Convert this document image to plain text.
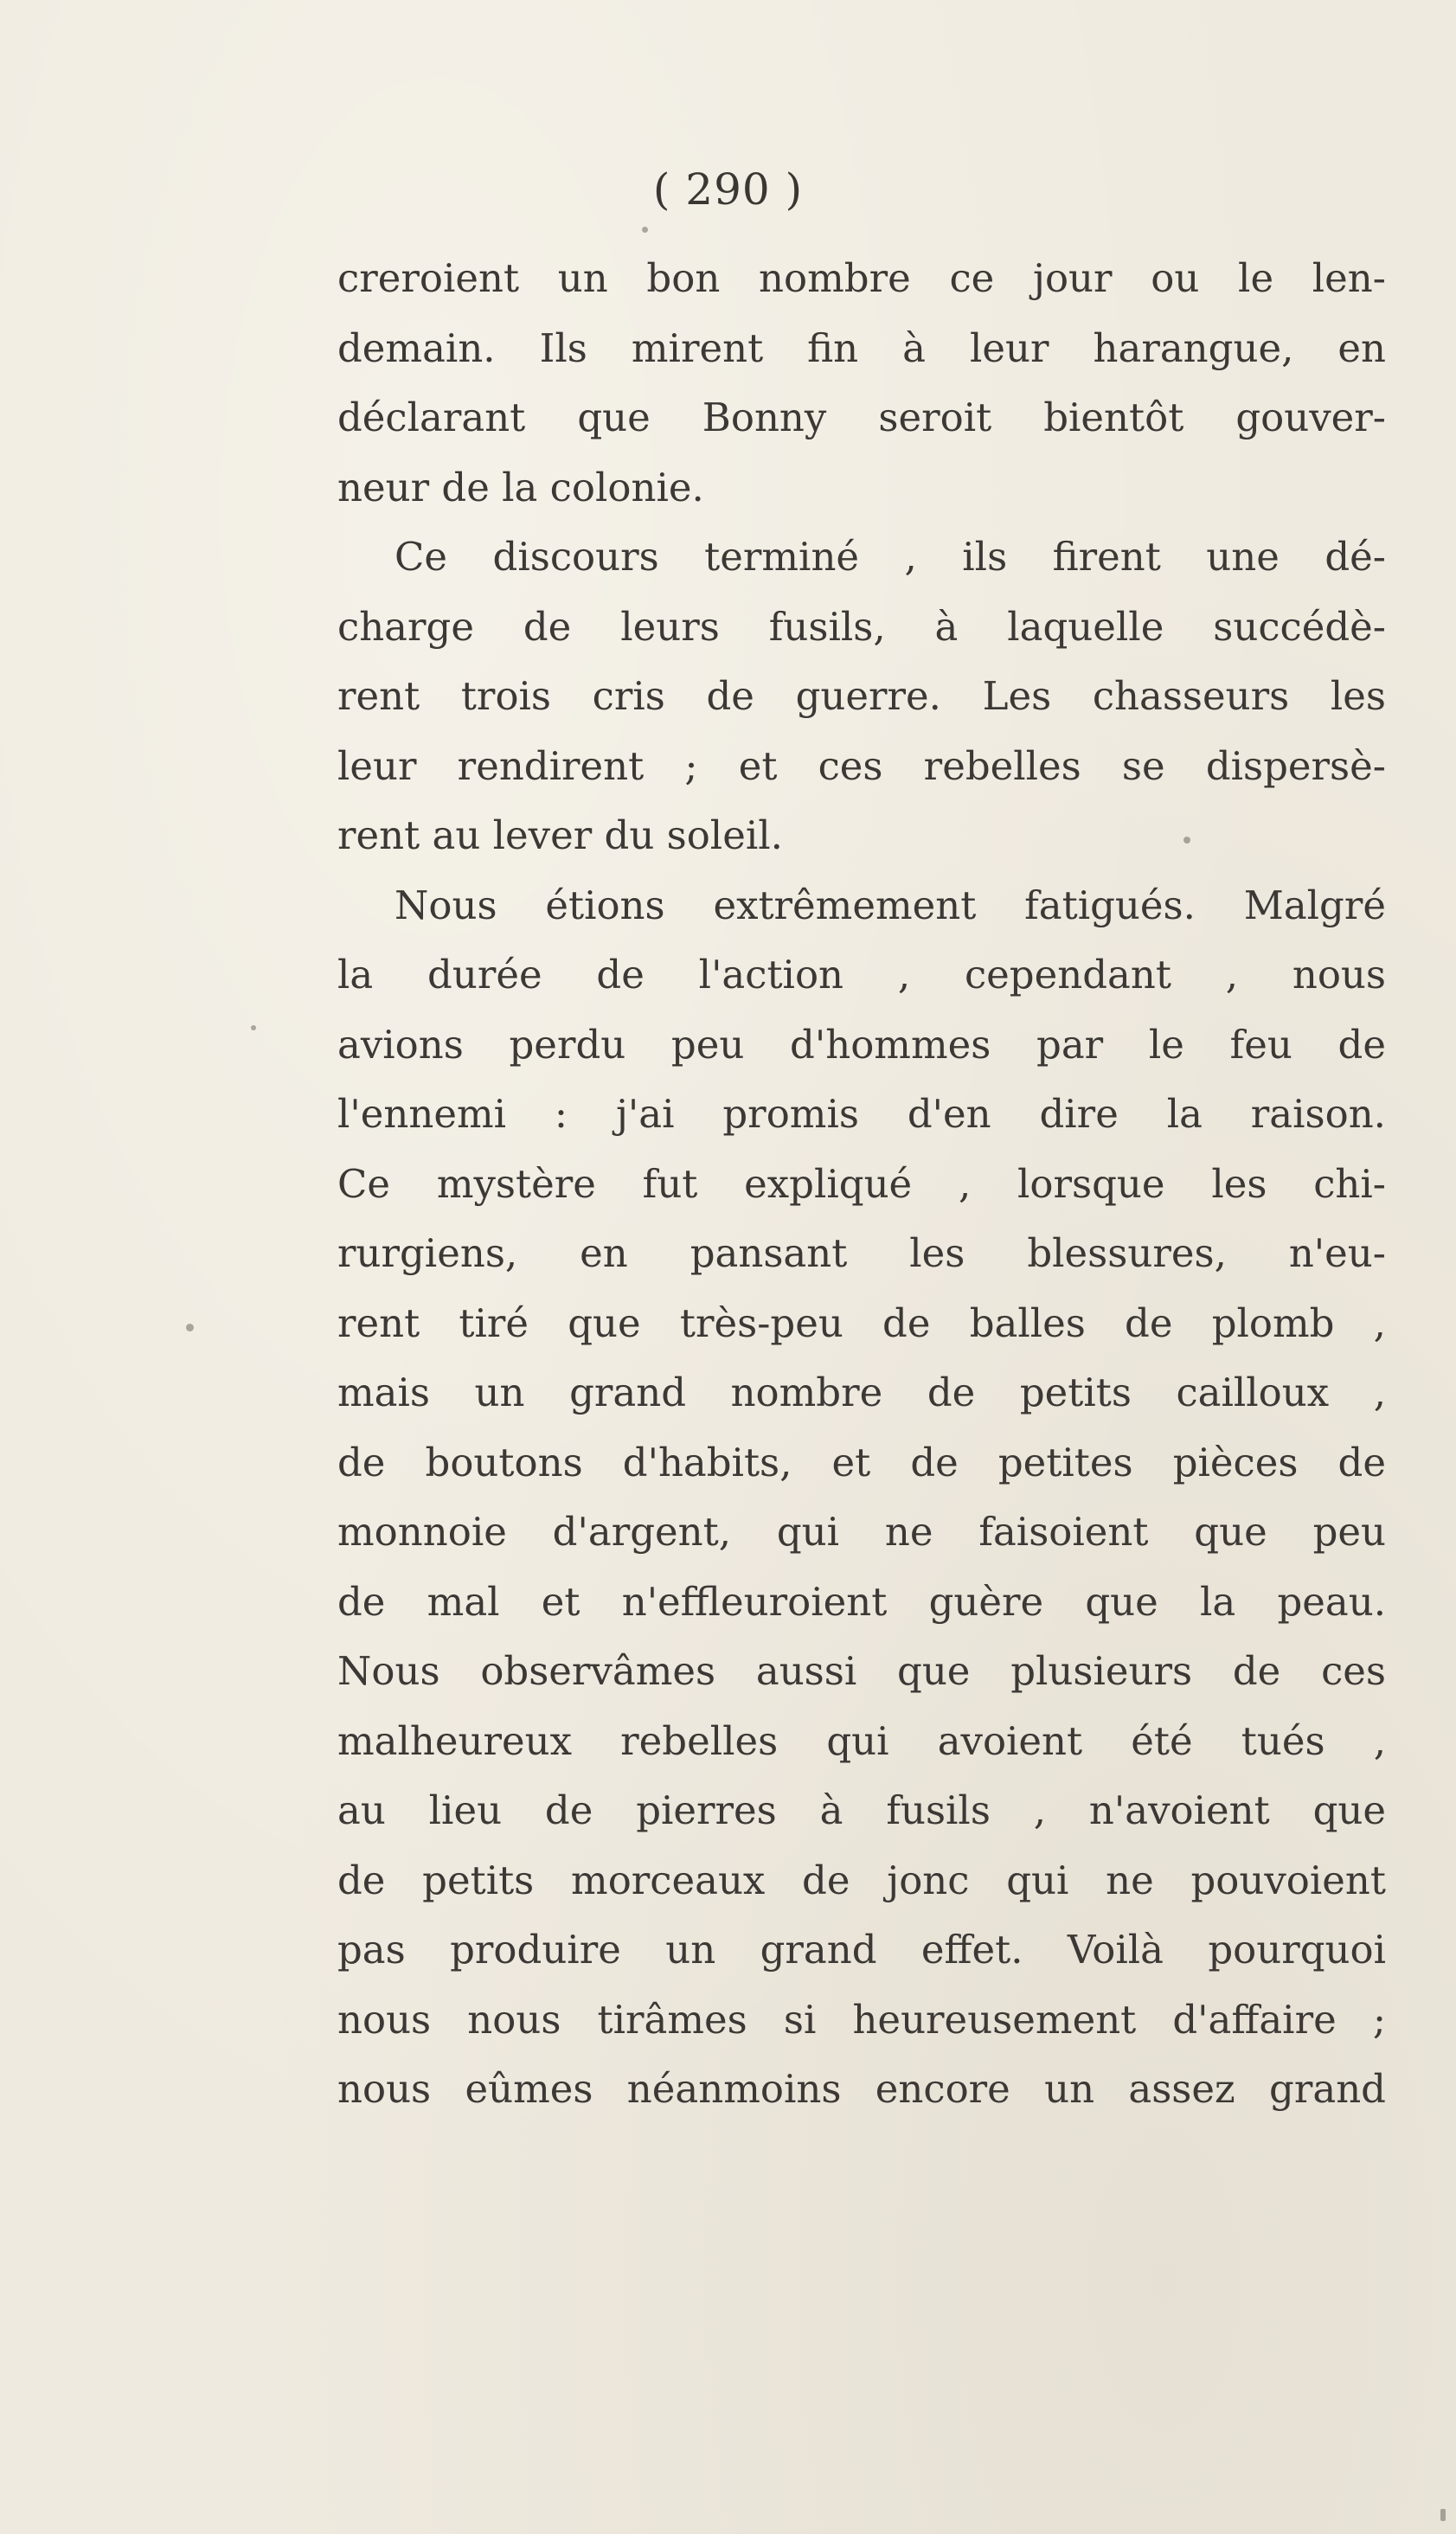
( 290 )
creroient un bon nombre ce jour ou le len-
demain. Ils mirent fin à leur harangue, en
déclarant que Bonny seroit bientôt gouver-
neur de la colonie.
Ce discours terminé , ils firent une dé-
charge de leurs fusils, à laquelle succédè-
rent trois cris de guerre. Les chasseurs les
leur rendirent ; et ces rebelles se dispersè-
rent au lever du soleil.
Nous étions extrêmement fatigués. Malgré
la durée de l'action , cependant , nous
avions perdu peu d'hommes par le feu de
l'ennemi : j'ai promis d'en dire la raison.
Ce mystère fut expliqué , lorsque les chi-
rurgiens, en pansant les blessures, n'eu-
rent tiré que très-peu de balles de plomb ,
mais un grand nombre de petits cailloux ,
de boutons d'habits, et de petites pièces de
monnoie d'argent, qui ne faisoient que peu
de mal et n'effleuroient guère que la peau.
Nous observâmes aussi que plusieurs de ces
malheureux rebelles qui avoient été tués ,
au lieu de pierres à fusils , n'avoient que
de petits morceaux de jonc qui ne pouvoient
pas produire un grand effet. Voilà pourquoi
nous nous tirâmes si heureusement d'affaire ;
nous eûmes néanmoins encore un assez grand
